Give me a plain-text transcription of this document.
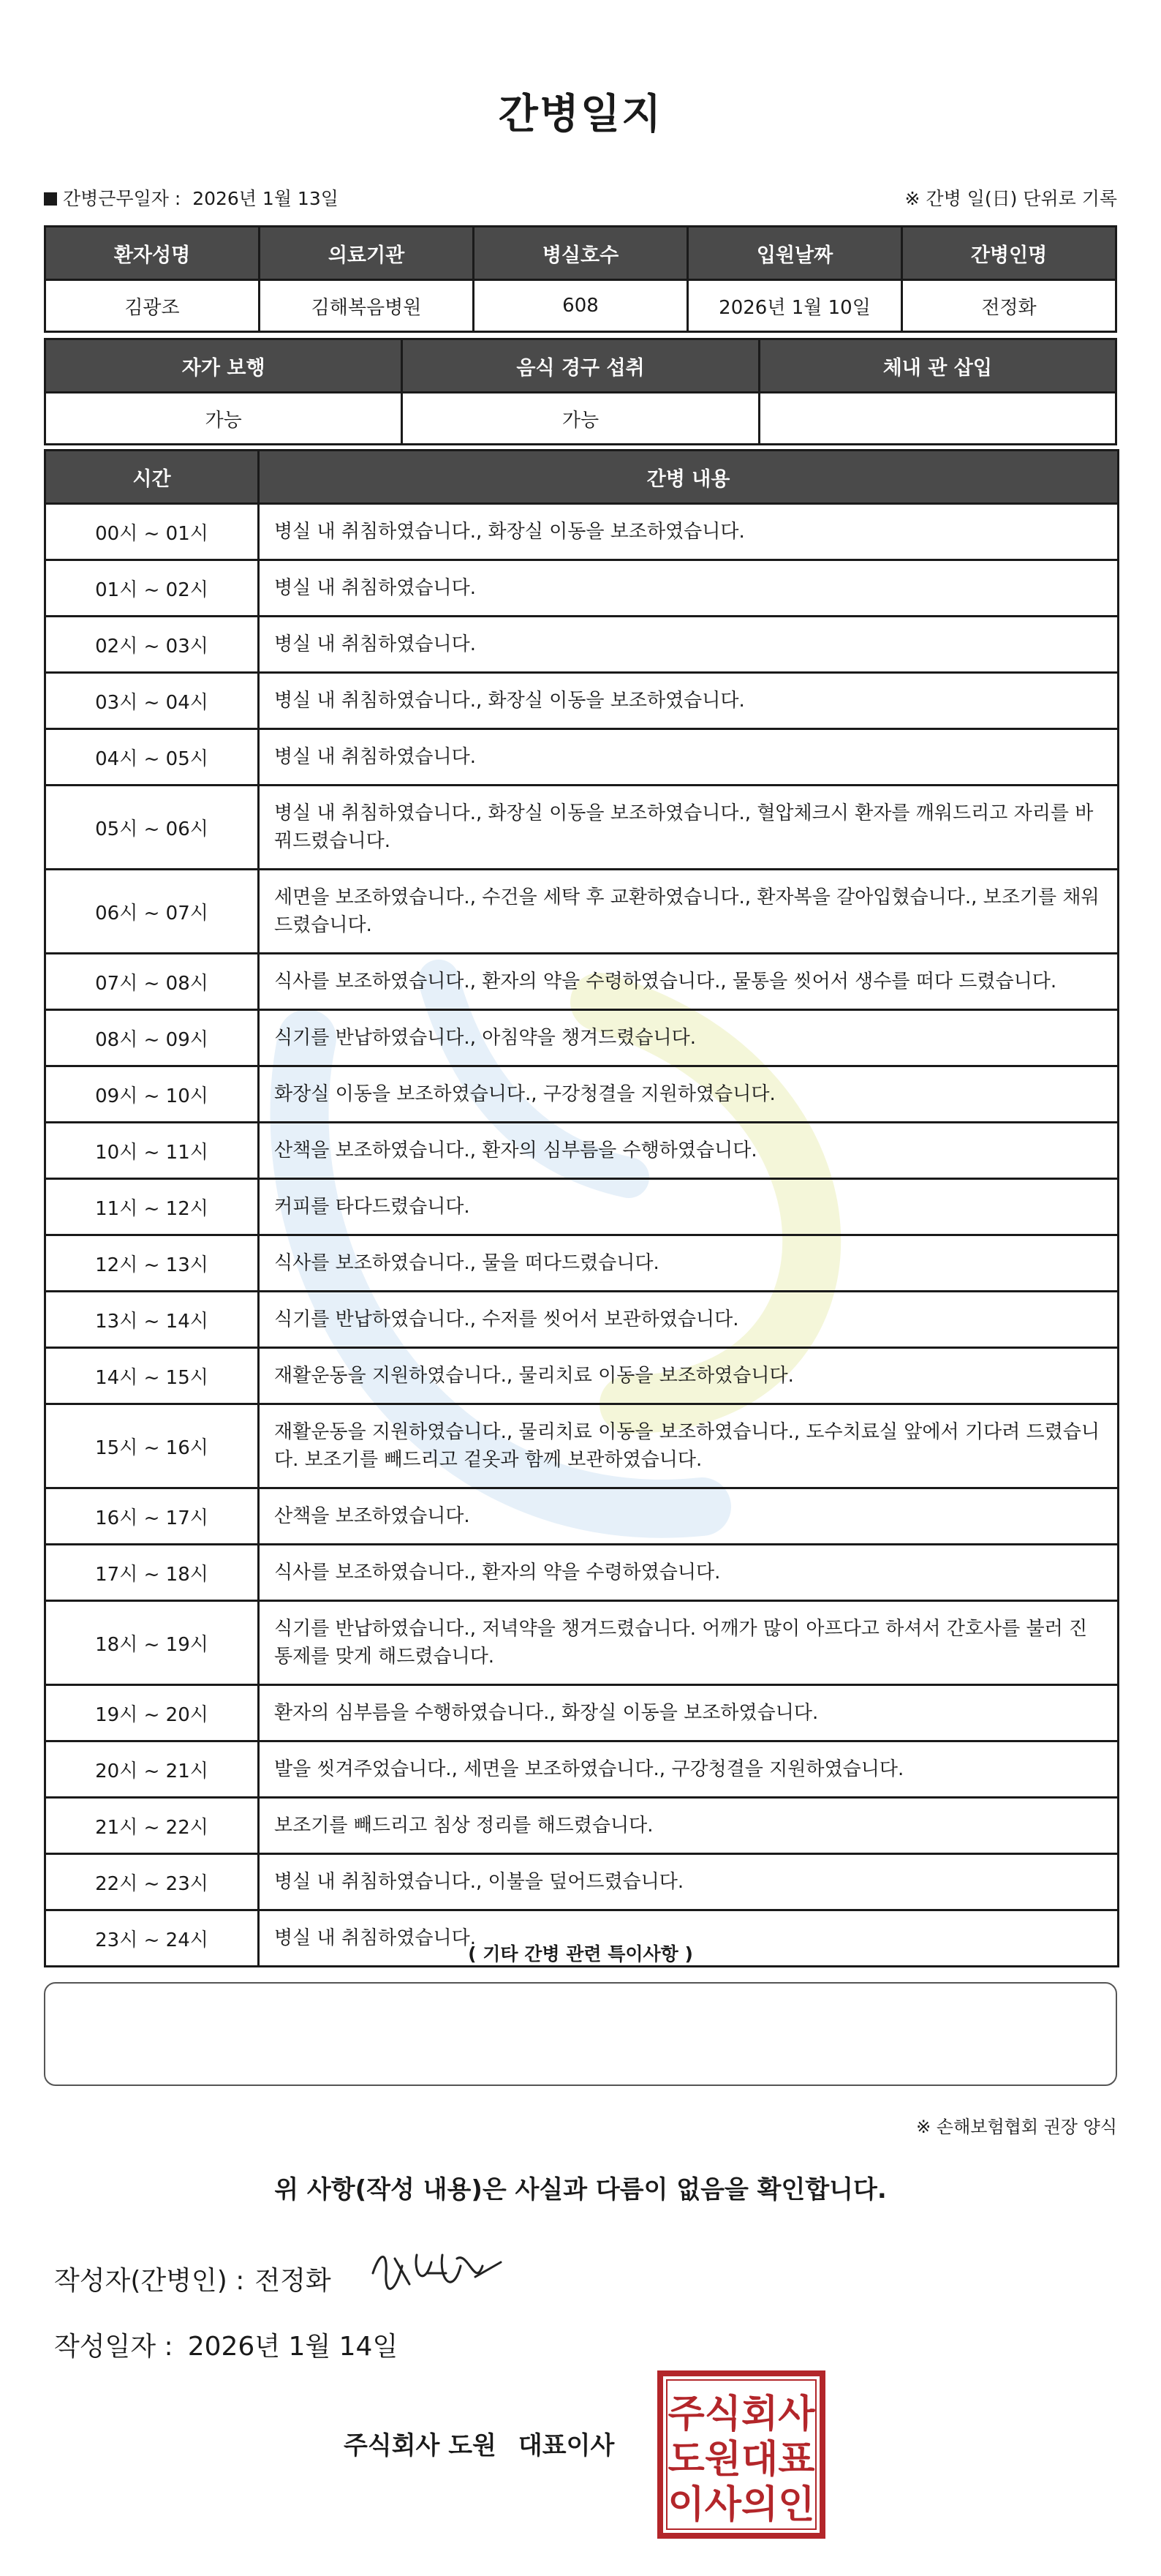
간병일지
간병근무일자 : 2026년 1월 13일	※ 간병 일(日) 단위로 기록
환자성명	의료기관	병실호수	입원날짜	간병인명
김광조	김해복음병원	608	2026년 1월 10일	전정화
자가 보행	음식 경구 섭취	체내 관 삽입
가능	가능	
시간	간병 내용
00시 ~ 01시	병실 내 취침하였습니다., 화장실 이동을 보조하였습니다.
01시 ~ 02시	병실 내 취침하였습니다.
02시 ~ 03시	병실 내 취침하였습니다.
03시 ~ 04시	병실 내 취침하였습니다., 화장실 이동을 보조하였습니다.
04시 ~ 05시	병실 내 취침하였습니다.
05시 ~ 06시	병실 내 취침하였습니다., 화장실 이동을 보조하였습니다., 혈압체크시 환자를 깨워드리고 자리를 바꿔드렸습니다.
06시 ~ 07시	세면을 보조하였습니다., 수건을 세탁 후 교환하였습니다., 환자복을 갈아입혔습니다., 보조기를 채워드렸습니다.
07시 ~ 08시	식사를 보조하였습니다., 환자의 약을 수령하였습니다., 물통을 씻어서 생수를 떠다 드렸습니다.
08시 ~ 09시	식기를 반납하였습니다., 아침약을 챙겨드렸습니다.
09시 ~ 10시	화장실 이동을 보조하였습니다., 구강청결을 지원하였습니다.
10시 ~ 11시	산책을 보조하였습니다., 환자의 심부름을 수행하였습니다.
11시 ~ 12시	커피를 타다드렸습니다.
12시 ~ 13시	식사를 보조하였습니다., 물을 떠다드렸습니다.
13시 ~ 14시	식기를 반납하였습니다., 수저를 씻어서 보관하였습니다.
14시 ~ 15시	재활운동을 지원하였습니다., 물리치료 이동을 보조하였습니다.
15시 ~ 16시	재활운동을 지원하였습니다., 물리치료 이동을 보조하였습니다., 도수치료실 앞에서 기다려 드렸습니다. 보조기를 빼드리고 겉옷과 함께 보관하였습니다.
16시 ~ 17시	산책을 보조하였습니다.
17시 ~ 18시	식사를 보조하였습니다., 환자의 약을 수령하였습니다.
18시 ~ 19시	식기를 반납하였습니다., 저녁약을 챙겨드렸습니다. 어깨가 많이 아프다고 하셔서 간호사를 불러 진통제를 맞게 해드렸습니다.
19시 ~ 20시	환자의 심부름을 수행하였습니다., 화장실 이동을 보조하였습니다.
20시 ~ 21시	발을 씻겨주었습니다., 세면을 보조하였습니다., 구강청결을 지원하였습니다.
21시 ~ 22시	보조기를 빼드리고 침상 정리를 해드렸습니다.
22시 ~ 23시	병실 내 취침하였습니다., 이불을 덮어드렸습니다.
23시 ~ 24시	병실 내 취침하였습니다.
( 기타 간병 관련 특이사항 )
※ 손해보험협회 권장 양식
위 사항(작성 내용)은 사실과 다름이 없음을 확인합니다.
작성자(간병인) : 전정화
작성일자 : 2026년 1월 14일
주식회사 도원 대표이사
주식회사
도원대표
이사의인
